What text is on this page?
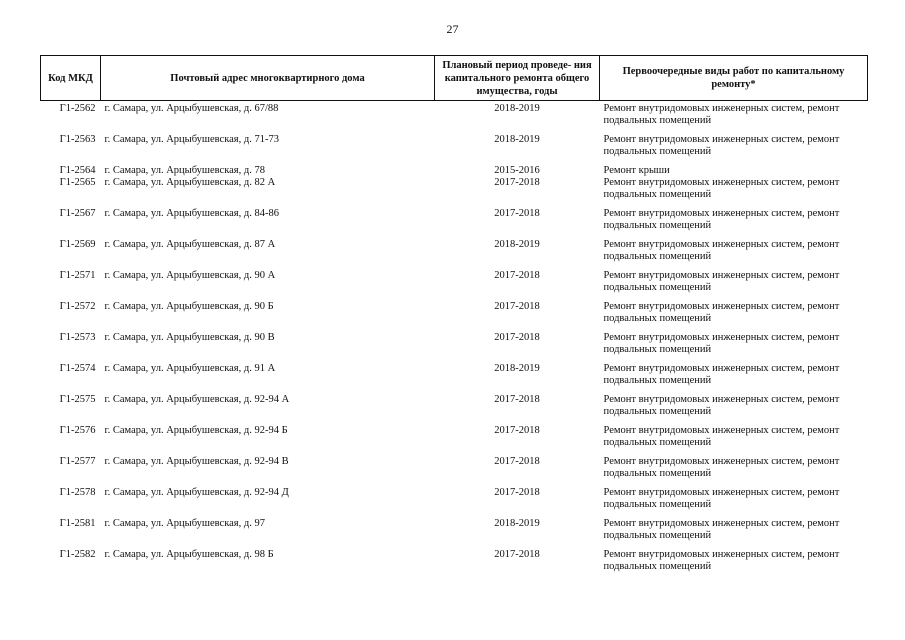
27
Код МКД	Почтовый адрес многоквартирного дома	Плановый период проведе- ния капитального ремонта общего имущества, годы	Первоочередные виды работ по капитальному ремонту*
Г1-2562	г. Самара, ул. Арцыбушевская, д. 67/88	2018-2019	Ремонт внутридомовых инженерных систем, ремонт подвальных помещений
Г1-2563	г. Самара, ул. Арцыбушевская, д. 71-73	2018-2019	Ремонт внутридомовых инженерных систем, ремонт подвальных помещений
Г1-2564	г. Самара, ул. Арцыбушевская, д. 78	2015-2016	Ремонт крыши
Г1-2565	г. Самара, ул. Арцыбушевская, д. 82 А	2017-2018	Ремонт внутридомовых инженерных систем, ремонт подвальных помещений
Г1-2567	г. Самара, ул. Арцыбушевская, д. 84-86	2017-2018	Ремонт внутридомовых инженерных систем, ремонт подвальных помещений
Г1-2569	г. Самара, ул. Арцыбушевская, д. 87 А	2018-2019	Ремонт внутридомовых инженерных систем, ремонт подвальных помещений
Г1-2571	г. Самара, ул. Арцыбушевская, д. 90 А	2017-2018	Ремонт внутридомовых инженерных систем, ремонт подвальных помещений
Г1-2572	г. Самара, ул. Арцыбушевская, д. 90 Б	2017-2018	Ремонт внутридомовых инженерных систем, ремонт подвальных помещений
Г1-2573	г. Самара, ул. Арцыбушевская, д. 90 В	2017-2018	Ремонт внутридомовых инженерных систем, ремонт подвальных помещений
Г1-2574	г. Самара, ул. Арцыбушевская, д. 91 А	2018-2019	Ремонт внутридомовых инженерных систем, ремонт подвальных помещений
Г1-2575	г. Самара, ул. Арцыбушевская, д. 92-94 А	2017-2018	Ремонт внутридомовых инженерных систем, ремонт подвальных помещений
Г1-2576	г. Самара, ул. Арцыбушевская, д. 92-94 Б	2017-2018	Ремонт внутридомовых инженерных систем, ремонт подвальных помещений
Г1-2577	г. Самара, ул. Арцыбушевская, д. 92-94 В	2017-2018	Ремонт внутридомовых инженерных систем, ремонт подвальных помещений
Г1-2578	г. Самара, ул. Арцыбушевская, д. 92-94 Д	2017-2018	Ремонт внутридомовых инженерных систем, ремонт подвальных помещений
Г1-2581	г. Самара, ул. Арцыбушевская, д. 97	2018-2019	Ремонт внутридомовых инженерных систем, ремонт подвальных помещений
Г1-2582	г. Самара, ул. Арцыбушевская, д. 98 Б	2017-2018	Ремонт внутридомовых инженерных систем, ремонт подвальных помещений
